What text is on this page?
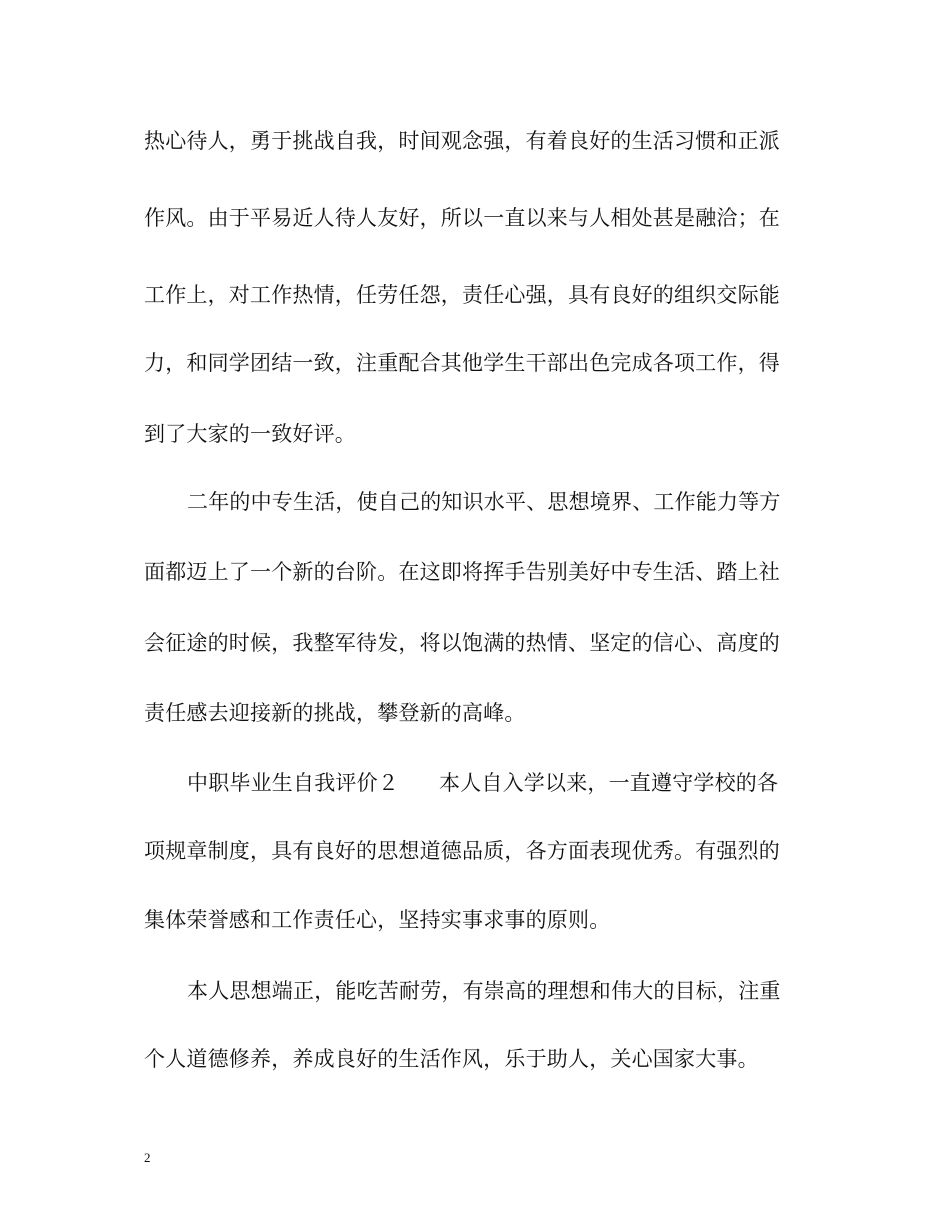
热心待人，勇于挑战自我，时间观念强，有着良好的生活习惯和正派
作风。由于平易近人待人友好，所以一直以来与人相处甚是融洽；在
工作上，对工作热情，任劳任怨，责任心强，具有良好的组织交际能
力，和同学团结一致，注重配合其他学生干部出色完成各项工作，得
到了大家的一致好评。
二年的中专生活，使自己的知识水平、思想境界、工作能力等方
面都迈上了一个新的台阶。在这即将挥手告别美好中专生活、踏上社
会征途的时候，我整军待发，将以饱满的热情、坚定的信心、高度的
责任感去迎接新的挑战，攀登新的高峰。
中职毕业生自我评价２ 本人自入学以来，一直遵守学校的各
项规章制度，具有良好的思想道德品质，各方面表现优秀。有强烈的
集体荣誉感和工作责任心，坚持实事求事的原则。
本人思想端正，能吃苦耐劳，有崇高的理想和伟大的目标，注重
个人道德修养，养成良好的生活作风，乐于助人，关心国家大事。
2
